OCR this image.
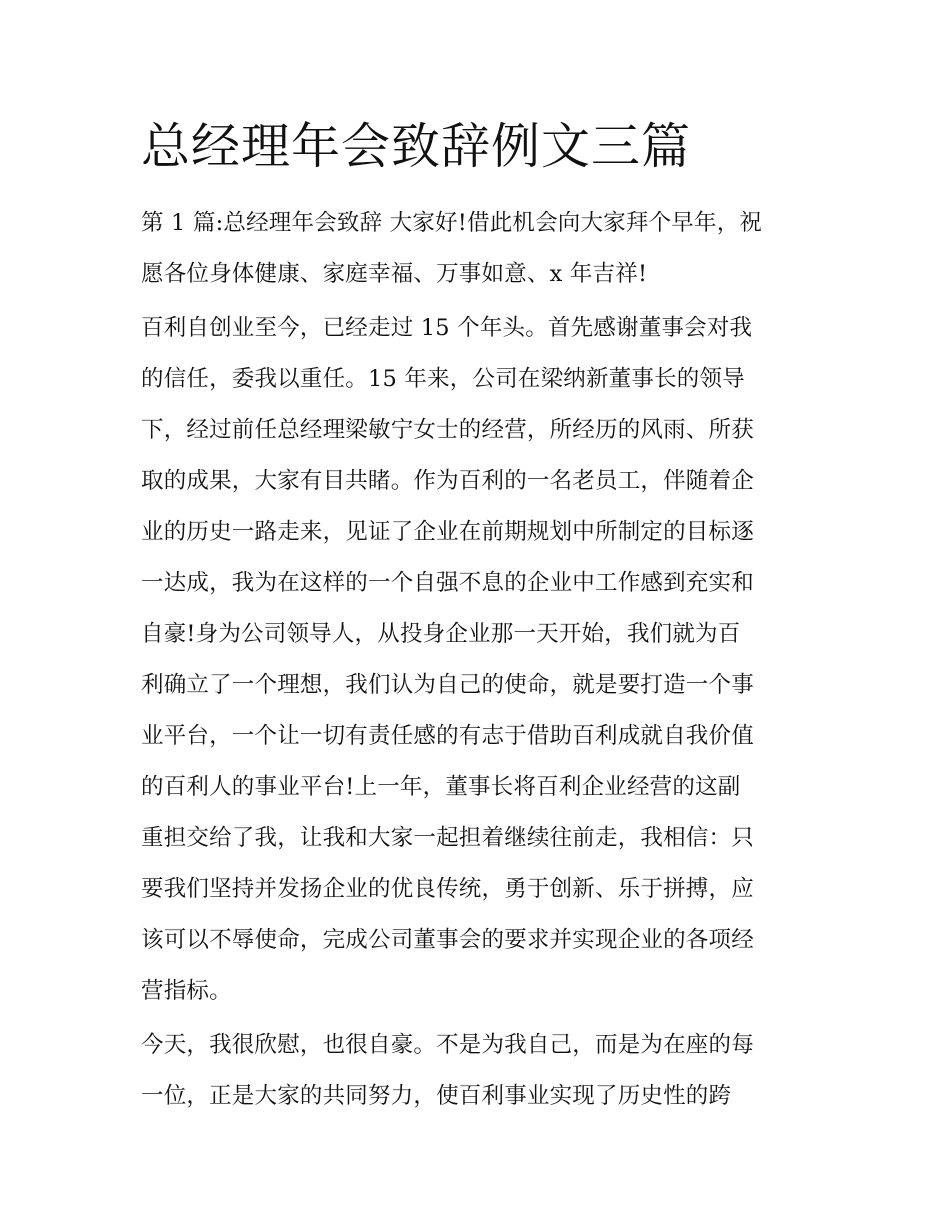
总经理年会致辞例文三篇

第 1 篇:总经理年会致辞 大家好!借此机会向大家拜个早年，祝
愿各位身体健康、家庭幸福、万事如意、x 年吉祥!

百利自创业至今，已经走过 15 个年头。首先感谢董事会对我
的信任，委我以重任。15 年来，公司在梁纳新董事长的领导
下，经过前任总经理梁敏宁女士的经营，所经历的风雨、所获
取的成果，大家有目共睹。作为百利的一名老员工，伴随着企
业的历史一路走来，见证了企业在前期规划中所制定的目标逐
一达成，我为在这样的一个自强不息的企业中工作感到充实和
自豪!身为公司领导人，从投身企业那一天开始，我们就为百
利确立了一个理想，我们认为自己的使命，就是要打造一个事
业平台，一个让一切有责任感的有志于借助百利成就自我价值
的百利人的事业平台!上一年，董事长将百利企业经营的这副
重担交给了我，让我和大家一起担着继续往前走，我相信：只
要我们坚持并发扬企业的优良传统，勇于创新、乐于拼搏，应
该可以不辱使命，完成公司董事会的要求并实现企业的各项经
营指标。

今天，我很欣慰，也很自豪。不是为我自己，而是为在座的每
一位，正是大家的共同努力，使百利事业实现了历史性的跨
